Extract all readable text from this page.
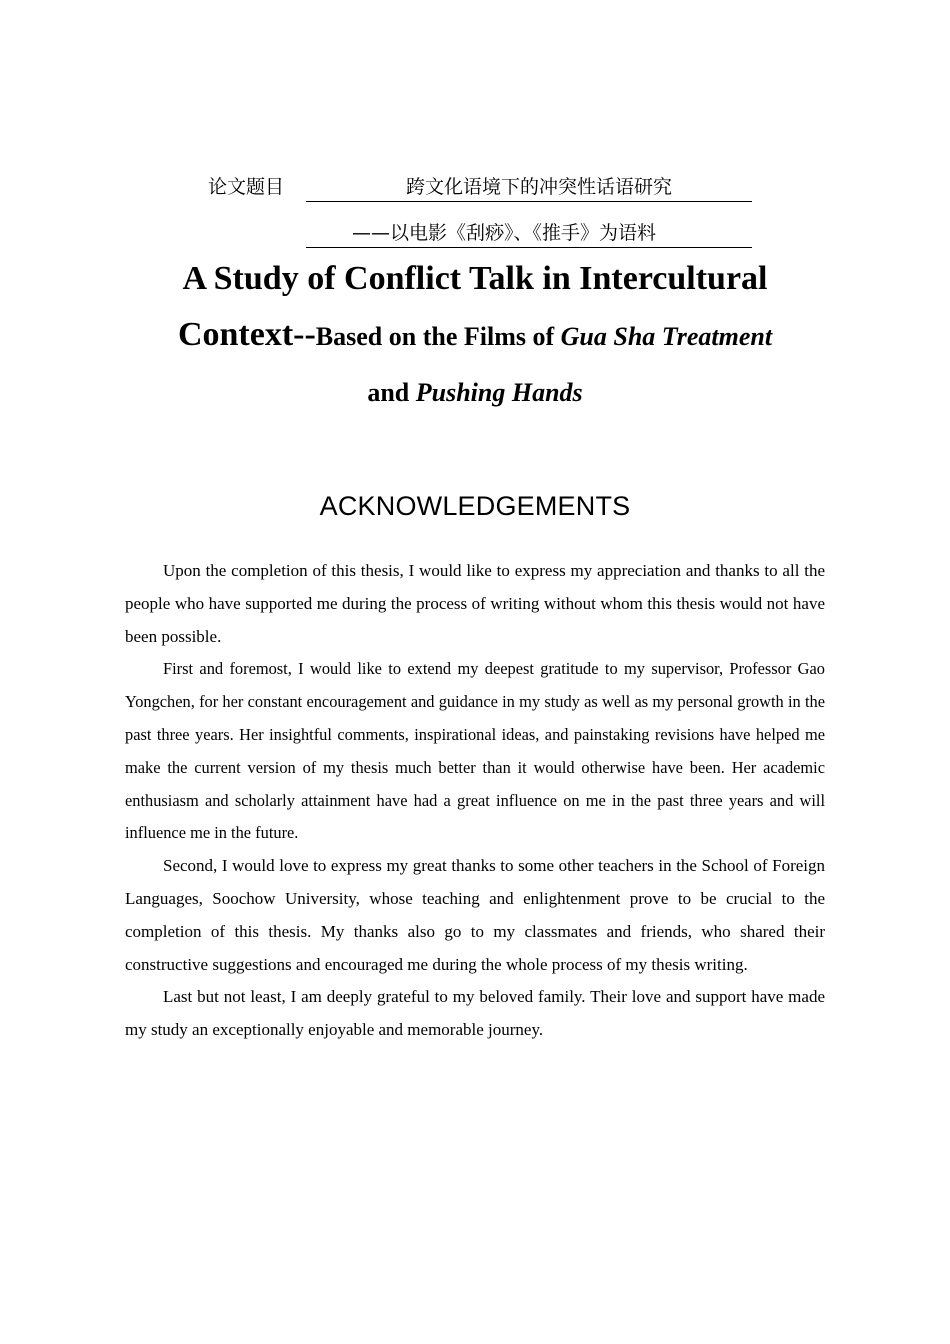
论文题目	跨文化语境下的冲突性话语研究
——以电影《刮痧》、《推手》为语料
A Study of Conflict Talk in Intercultural
Context--Based on the Films of Gua Sha Treatment
and Pushing Hands
ACKNOWLEDGEMENTS

Upon the completion of this thesis, I would like to express my appreciation and thanks to all the people who have supported me during the process of writing without whom this thesis would not have been possible.

First and foremost, I would like to extend my deepest gratitude to my supervisor, Professor Gao Yongchen, for her constant encouragement and guidance in my study as well as my personal growth in the past three years. Her insightful comments, inspirational ideas, and painstaking revisions have helped me make the current version of my thesis much better than it would otherwise have been. Her academic enthusiasm and scholarly attainment have had a great influence on me in the past three years and will influence me in the future.

Second, I would love to express my great thanks to some other teachers in the School of Foreign Languages, Soochow University, whose teaching and enlightenment prove to be crucial to the completion of this thesis. My thanks also go to my classmates and friends, who shared their constructive suggestions and encouraged me during the whole process of my thesis writing.

Last but not least, I am deeply grateful to my beloved family. Their love and support have made my study an exceptionally enjoyable and memorable journey.
